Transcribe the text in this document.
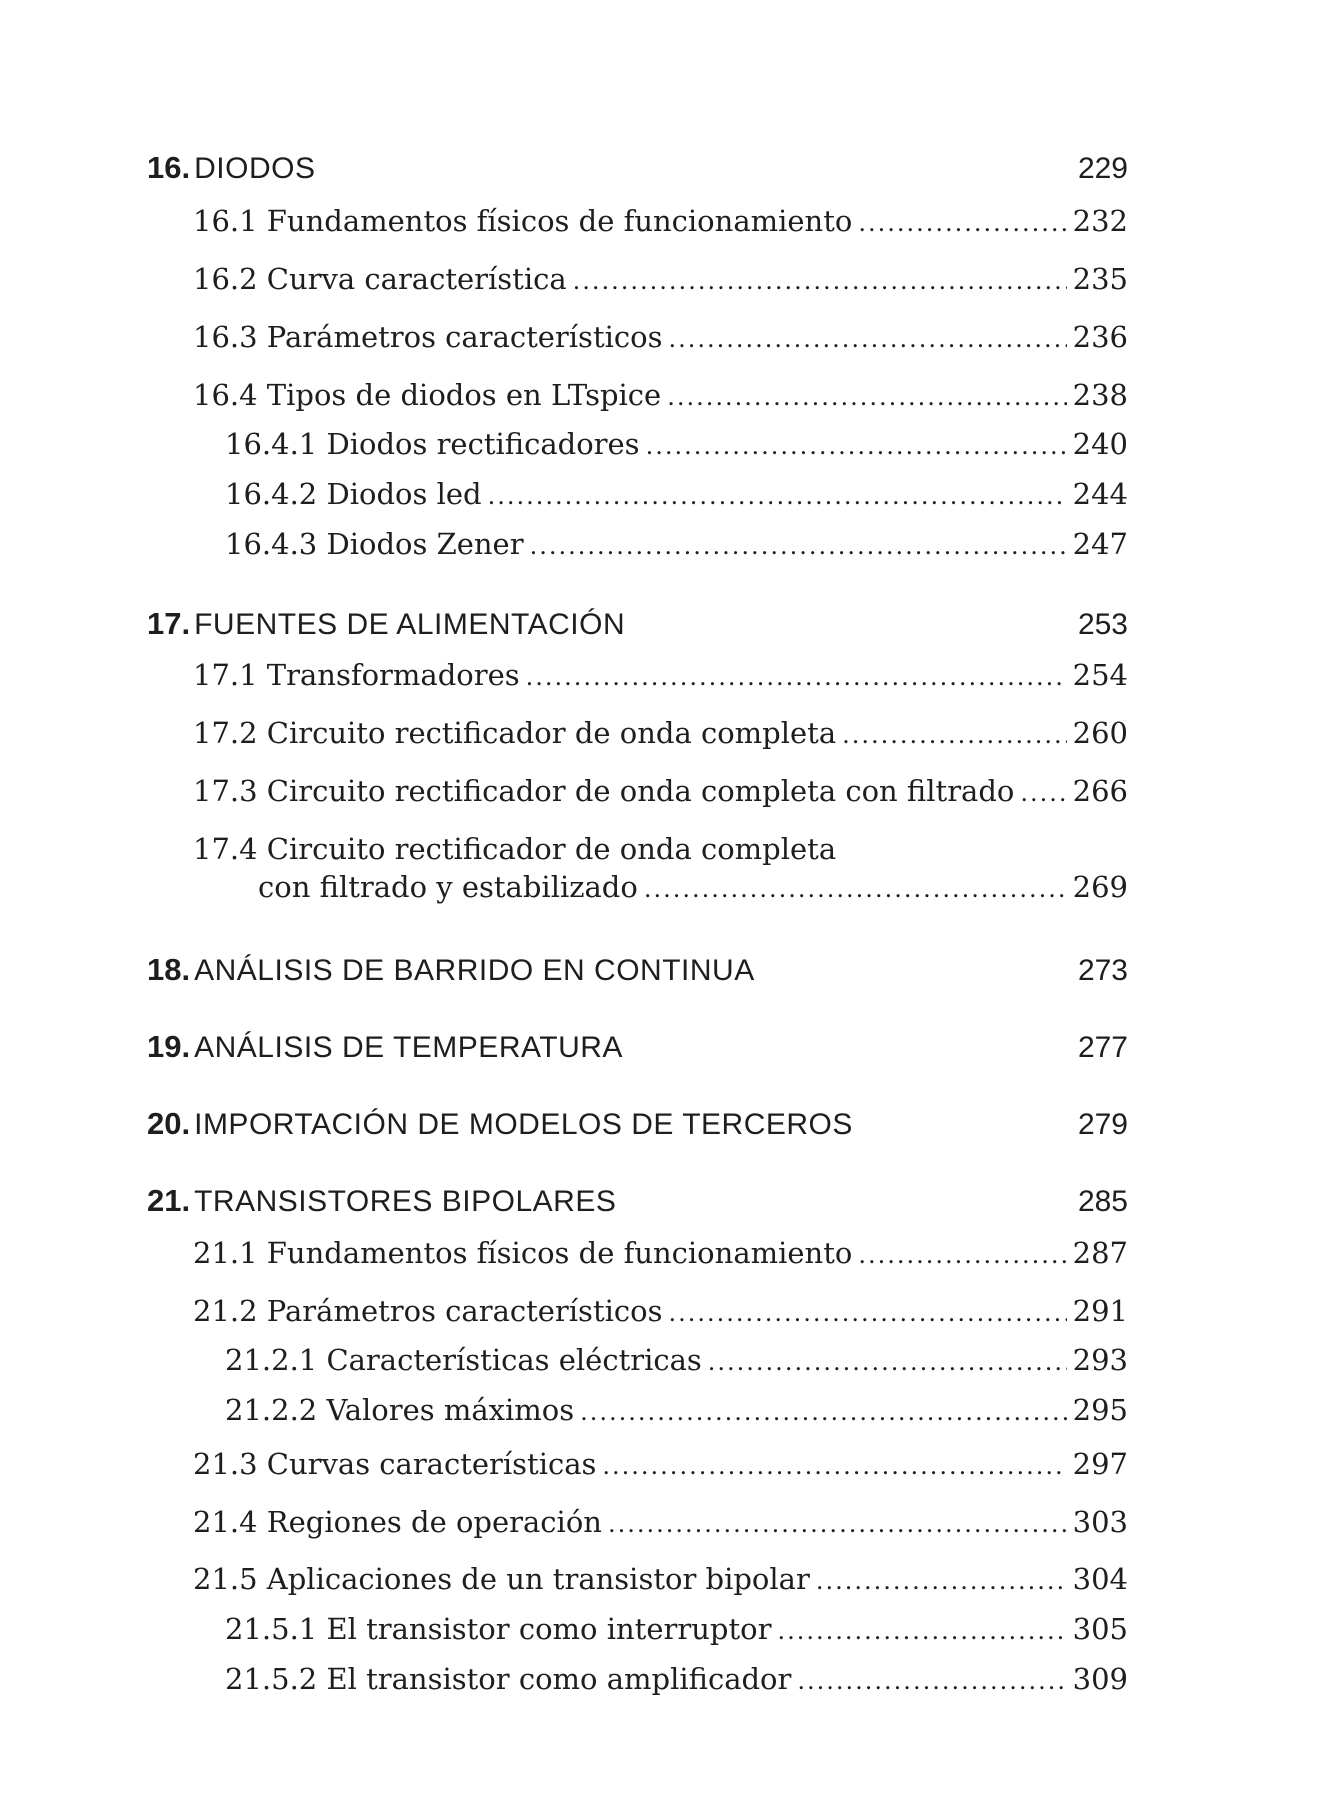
16. DIODOS	229
16.1 Fundamentos físicos de funcionamiento .....	232
16.2 Curva característica .....	235
16.3 Parámetros característicos .....	236
16.4 Tipos de diodos en LTspice .....	238
16.4.1 Diodos rectificadores .....	240
16.4.2 Diodos led .....	244
16.4.3 Diodos Zener .....	247
17. FUENTES DE ALIMENTACIÓN	253
17.1 Transformadores .....	254
17.2 Circuito rectificador de onda completa .....	260
17.3 Circuito rectificador de onda completa con filtrado ..... 266
17.4 Circuito rectificador de onda completa
con filtrado y estabilizado .....	269
18. ANÁLISIS DE BARRIDO EN CONTINUA	273
19. ANÁLISIS DE TEMPERATURA	277
20. IMPORTACIÓN DE MODELOS DE TERCEROS	279
21. TRANSISTORES BIPOLARES	285
21.1 Fundamentos físicos de funcionamiento .....	287
21.2 Parámetros característicos .....	291
21.2.1 Características eléctricas .....	293
21.2.2 Valores máximos .....	295
21.3 Curvas características .....	297
21.4 Regiones de operación .....	303
21.5 Aplicaciones de un transistor bipolar .....	304
21.5.1 El transistor como interruptor .....	305
21.5.2 El transistor como amplificador .....	309
